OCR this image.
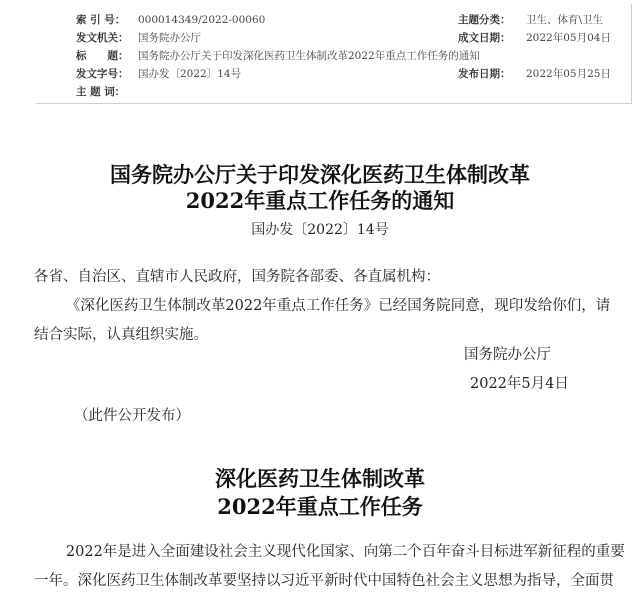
索 引 号： 000014349/2022-00060	主题分类： 卫生、体育\卫生
发文机关： 国务院办公厅	成文日期： 2022年05月04日
标　　题： 国务院办公厅关于印发深化医药卫生体制改革2022年重点工作任务的通知
发文字号： 国办发〔2022〕14号	发布日期： 2022年05月25日
主 题 词：
国务院办公厅关于印发深化医药卫生体制改革
2022年重点工作任务的通知
国办发〔2022〕14号
各省、自治区、直辖市人民政府，国务院各部委、各直属机构：
《深化医药卫生体制改革2022年重点工作任务》已经国务院同意，现印发给你们，请结合实际，认真组织实施。
国务院办公厅
2022年5月4日
（此件公开发布）
深化医药卫生体制改革
2022年重点工作任务
2022年是进入全面建设社会主义现代化国家、向第二个百年奋斗目标进军新征程的重要一年。深化医药卫生体制改革要坚持以习近平新时代中国特色社会主义思想为指导，全面贯
